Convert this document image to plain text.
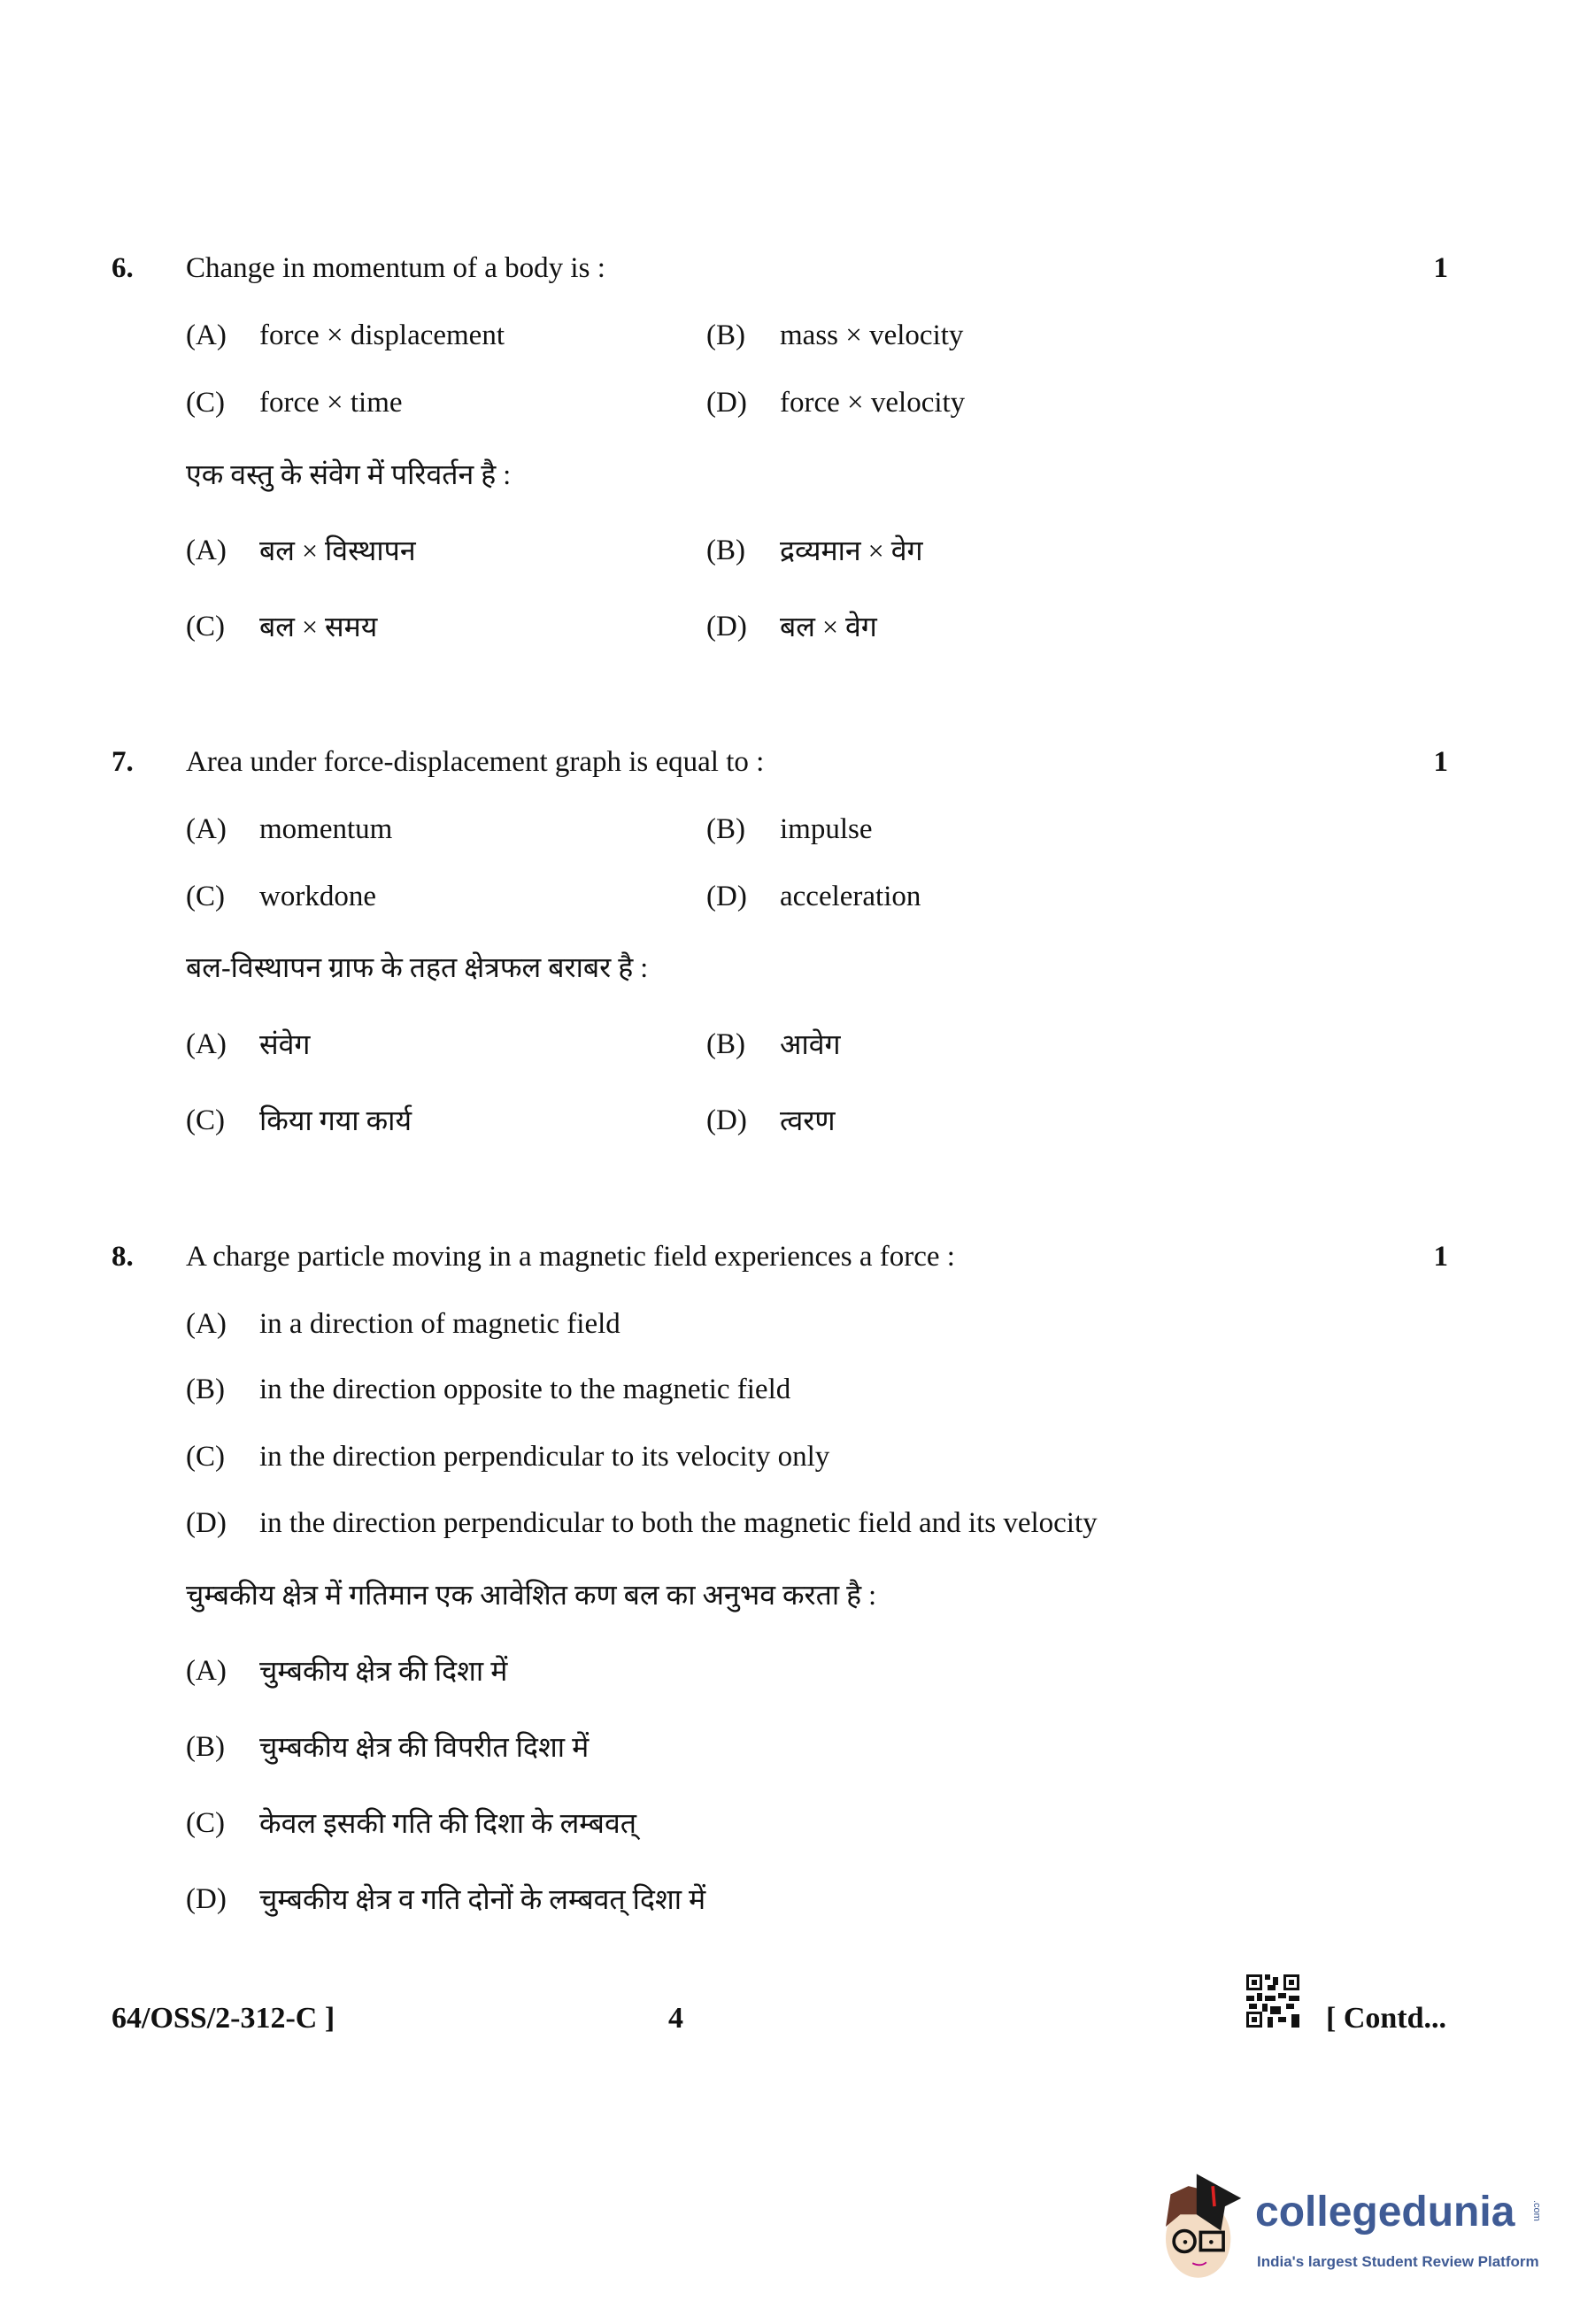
6. Change in momentum of a body is :	1
(A) force × displacement	(B) mass × velocity
(C) force × time	(D) force × velocity
एक वस्तु के संवेग में परिवर्तन है :
(A) बल × विस्थापन	(B) द्रव्यमान × वेग
(C) बल × समय	(D) बल × वेग
7. Area under force-displacement graph is equal to :	1
(A) momentum	(B) impulse
(C) workdone	(D) acceleration
बल-विस्थापन ग्राफ के तहत क्षेत्रफल बराबर है :
(A) संवेग	(B) आवेग
(C) किया गया कार्य	(D) त्वरण
8. A charge particle moving in a magnetic field experiences a force :	1
(A) in a direction of magnetic field
(B) in the direction opposite to the magnetic field
(C) in the direction perpendicular to its velocity only
(D) in the direction perpendicular to both the magnetic field and its velocity
चुम्बकीय क्षेत्र में गतिमान एक आवेशित कण बल का अनुभव करता है :
(A) चुम्बकीय क्षेत्र की दिशा में
(B) चुम्बकीय क्षेत्र की विपरीत दिशा में
(C) केवल इसकी गति की दिशा के लम्बवत्
(D) चुम्बकीय क्षेत्र व गति दोनों के लम्बवत् दिशा में
64/OSS/2-312-C ]	4	[ Contd...
collegedunia .com
India's largest Student Review Platform
